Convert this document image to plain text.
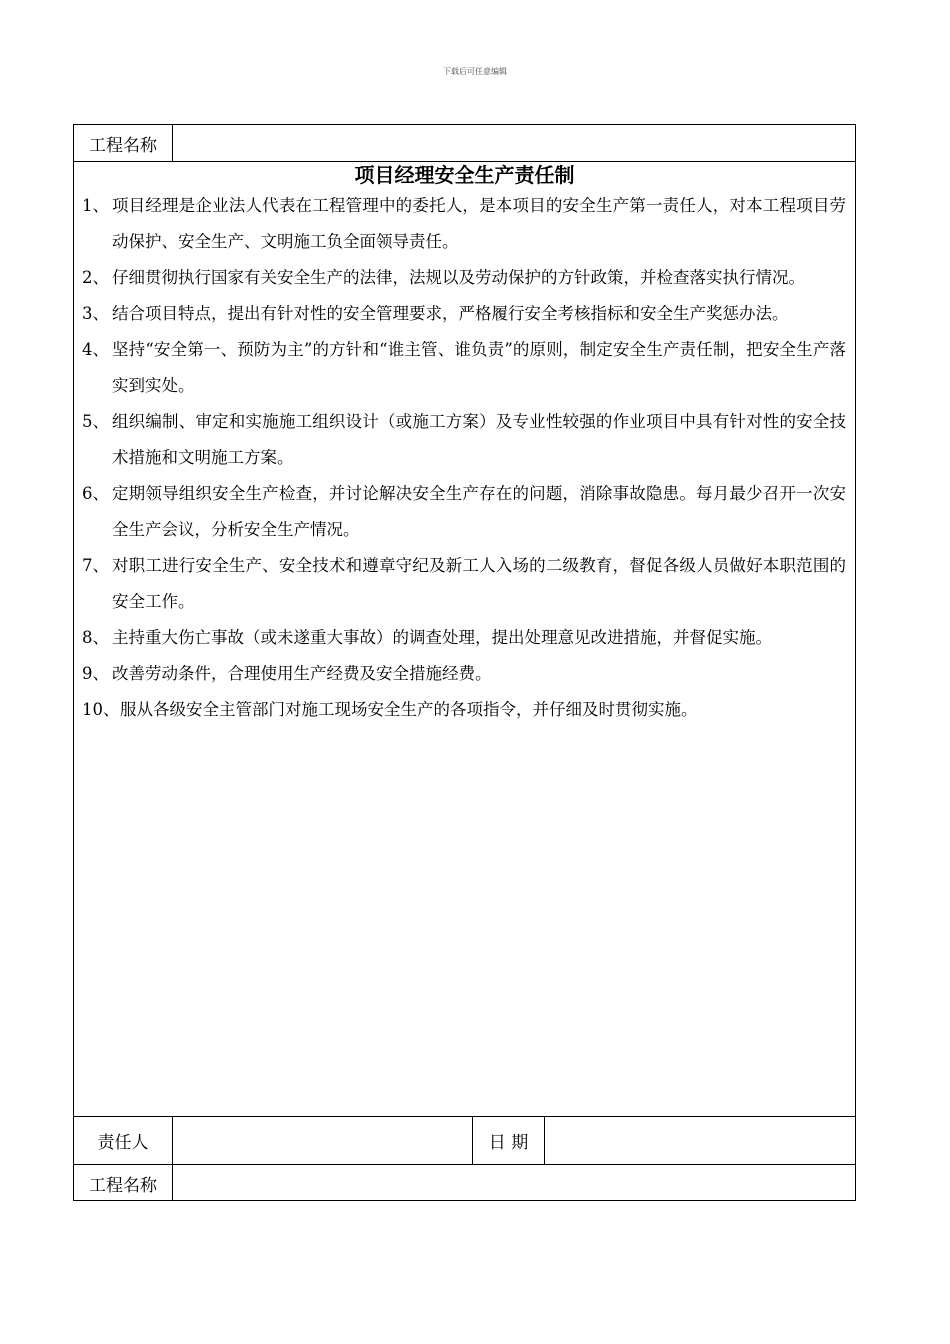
下载后可任意编辑
工程名称
项目经理安全生产责任制
1、 项目经理是企业法人代表在工程管理中的委托人，是本项目的安全生产第一责任人，对本工程项目劳动保护、安全生产、文明施工负全面领导责任。
2、 仔细贯彻执行国家有关安全生产的法律，法规以及劳动保护的方针政策，并检查落实执行情况。
3、 结合项目特点，提出有针对性的安全管理要求，严格履行安全考核指标和安全生产奖惩办法。
4、 坚持“安全第一、预防为主”的方针和“谁主管、谁负责”的原则，制定安全生产责任制，把安全生产落实到实处。
5、 组织编制、审定和实施施工组织设计（或施工方案）及专业性较强的作业项目中具有针对性的安全技术措施和文明施工方案。
6、 定期领导组织安全生产检查，并讨论解决安全生产存在的问题，消除事故隐患。每月最少召开一次安全生产会议，分析安全生产情况。
7、 对职工进行安全生产、安全技术和遵章守纪及新工人入场的二级教育，督促各级人员做好本职范围的安全工作。
8、 主持重大伤亡事故（或未遂重大事故）的调查处理，提出处理意见改进措施，并督促实施。
9、 改善劳动条件，合理使用生产经费及安全措施经费。
10、 服从各级安全主管部门对施工现场安全生产的各项指令，并仔细及时贯彻实施。
责任人	日 期
工程名称
